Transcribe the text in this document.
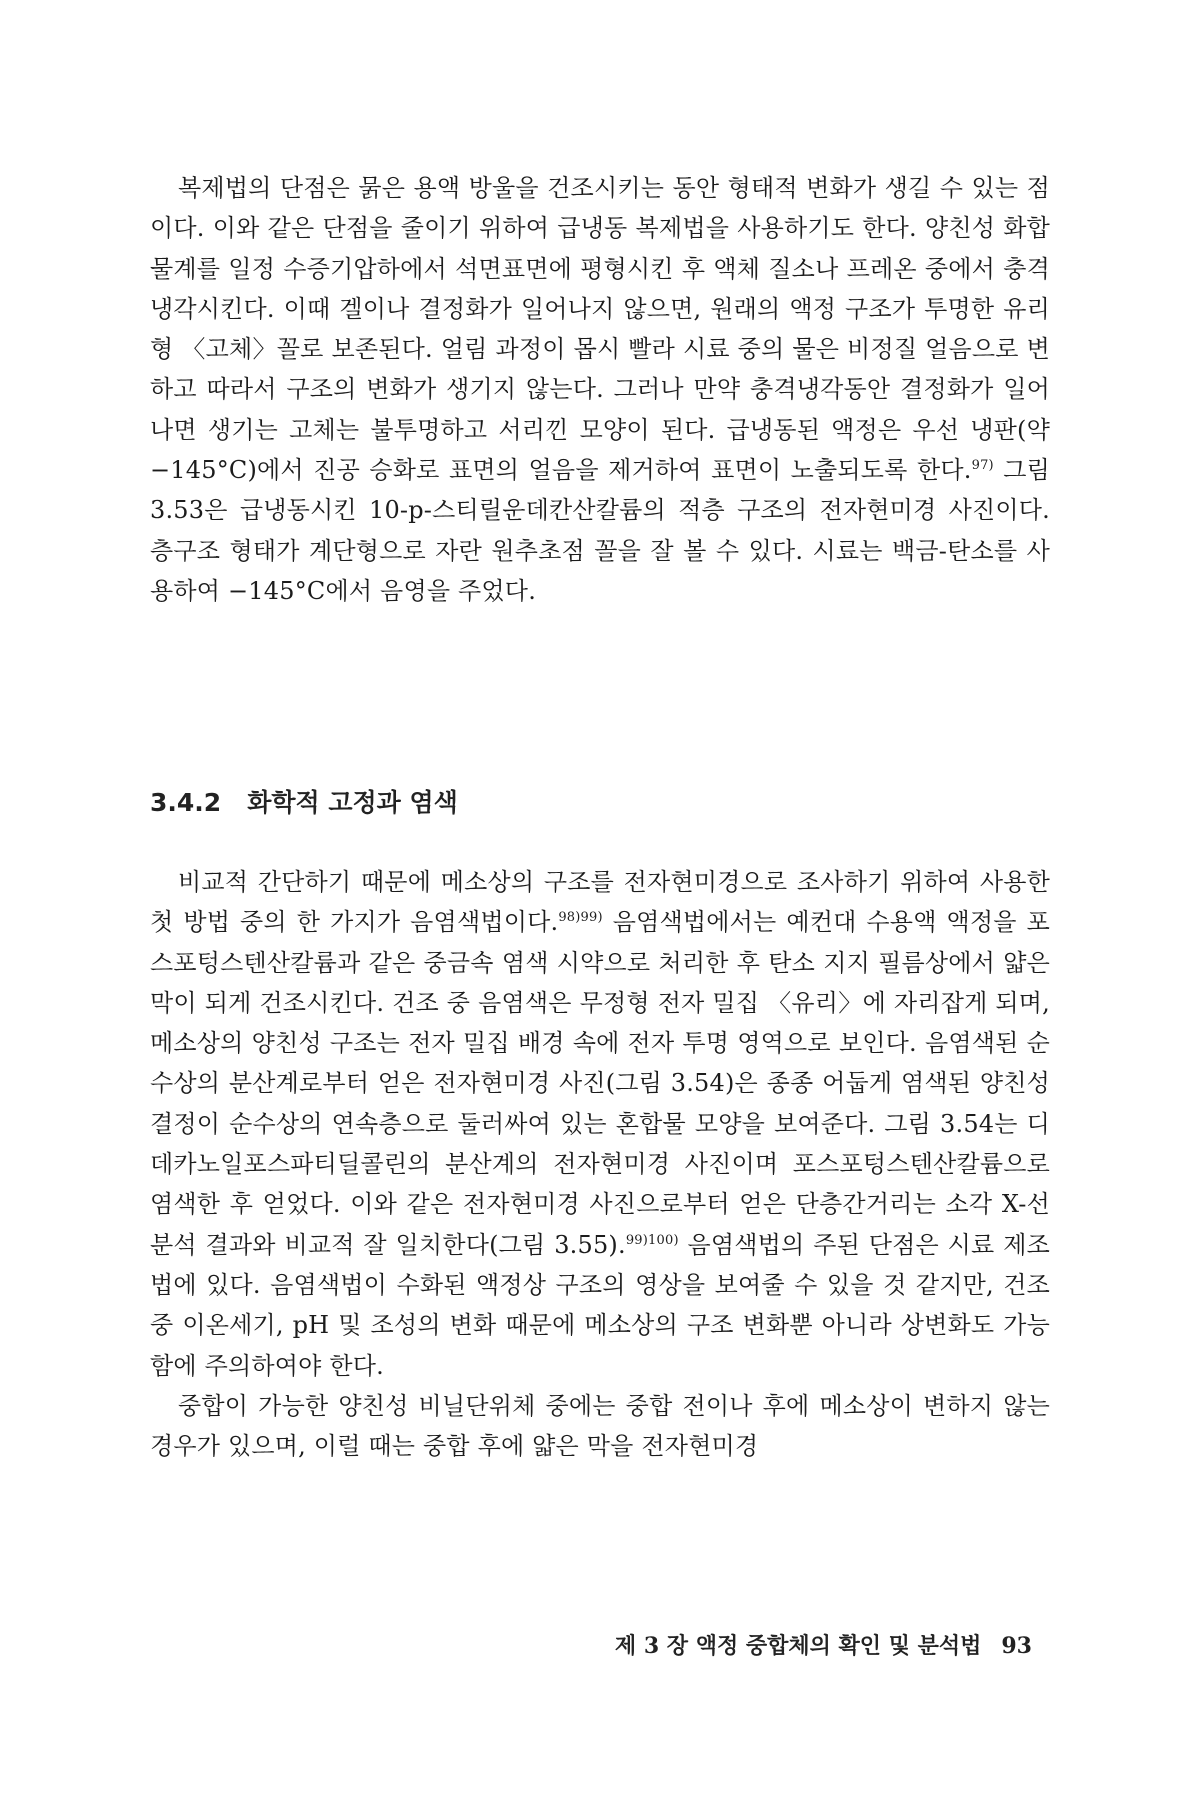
복제법의 단점은 묽은 용액 방울을 건조시키는 동안 형태적 변화가 생길 수 있는 점이다. 이와 같은 단점을 줄이기 위하여 급냉동 복제법을 사용하기도 한다. 양친성 화합물계를 일정 수증기압하에서 석면표면에 평형시킨 후 액체 질소나 프레온 중에서 충격냉각시킨다. 이때 겔이나 결정화가 일어나지 않으면, 원래의 액정 구조가 투명한 유리형 〈고체〉꼴로 보존된다. 얼림 과정이 몹시 빨라 시료 중의 물은 비정질 얼음으로 변하고 따라서 구조의 변화가 생기지 않는다. 그러나 만약 충격냉각동안 결정화가 일어나면 생기는 고체는 불투명하고 서리낀 모양이 된다. 급냉동된 액정은 우선 냉판(약 −145°C)에서 진공 승화로 표면의 얼음을 제거하여 표면이 노출되도록 한다.$^{97)}$ 그림 3.53은 급냉동시킨 10-p-스티릴운데칸산칼륨의 적층 구조의 전자현미경 사진이다. 층구조 형태가 계단형으로 자란 원추초점 꼴을 잘 볼 수 있다. 시료는 백금-탄소를 사용하여 −145°C에서 음영을 주었다.
3.4.2 화학적 고정과 염색
비교적 간단하기 때문에 메소상의 구조를 전자현미경으로 조사하기 위하여 사용한 첫 방법 중의 한 가지가 음염색법이다.$^{98)99)}$ 음염색법에서는 예컨대 수용액 액정을 포스포텅스텐산칼륨과 같은 중금속 염색 시약으로 처리한 후 탄소 지지 필름상에서 얇은 막이 되게 건조시킨다. 건조 중 음염색은 무정형 전자 밀집 〈유리〉에 자리잡게 되며, 메소상의 양친성 구조는 전자 밀집 배경 속에 전자 투명 영역으로 보인다. 음염색된 순수상의 분산계로부터 얻은 전자현미경 사진(그림 3.54)은 종종 어둡게 염색된 양친성 결정이 순수상의 연속층으로 둘러싸여 있는 혼합물 모양을 보여준다. 그림 3.54는 디데카노일포스파티딜콜린의 분산계의 전자현미경 사진이며 포스포텅스텐산칼륨으로 염색한 후 얻었다. 이와 같은 전자현미경 사진으로부터 얻은 단층간거리는 소각 X-선 분석 결과와 비교적 잘 일치한다(그림 3.55).$^{99)100)}$ 음염색법의 주된 단점은 시료 제조법에 있다. 음염색법이 수화된 액정상 구조의 영상을 보여줄 수 있을 것 같지만, 건조중 이온세기, pH 및 조성의 변화 때문에 메소상의 구조 변화뿐 아니라 상변화도 가능함에 주의하여야 한다.
중합이 가능한 양친성 비닐단위체 중에는 중합 전이나 후에 메소상이 변하지 않는 경우가 있으며, 이럴 때는 중합 후에 얇은 막을 전자현미경
제 3 장 액정 중합체의 확인 및 분석법 93
